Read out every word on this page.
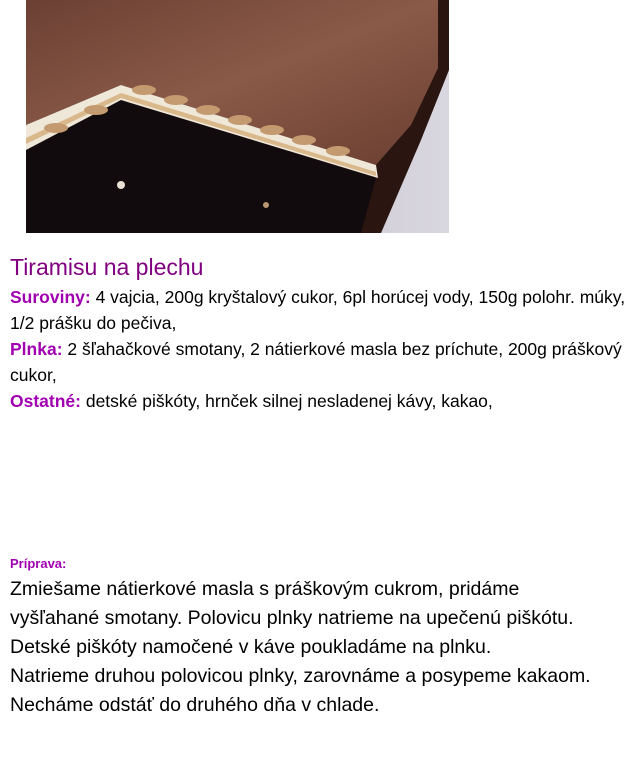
Tiramisu na plechu

Suroviny: 4 vajcia, 200g kryštalový cukor, 6pl horúcej vody, 150g polohr. múky, 1/2 prášku do pečiva,

Plnka: 2 šľahačkové smotany, 2 nátierkové masla bez príchute, 200g práškový cukor,

Ostatné: detské piškóty, hrnček silnej nesladenej kávy, kakao,

Príprava:
Zmiešame nátierkové masla s práškovým cukrom, pridáme vyšľahané smotany. Polovicu plnky natrieme na upečenú piškótu.
Detské piškóty namočené v káve poukladáme na plnku.
Natrieme druhou polovicou plnky, zarovnáme a posypeme kakaom.
Necháme odstáť do druhého dňa v chlade.
